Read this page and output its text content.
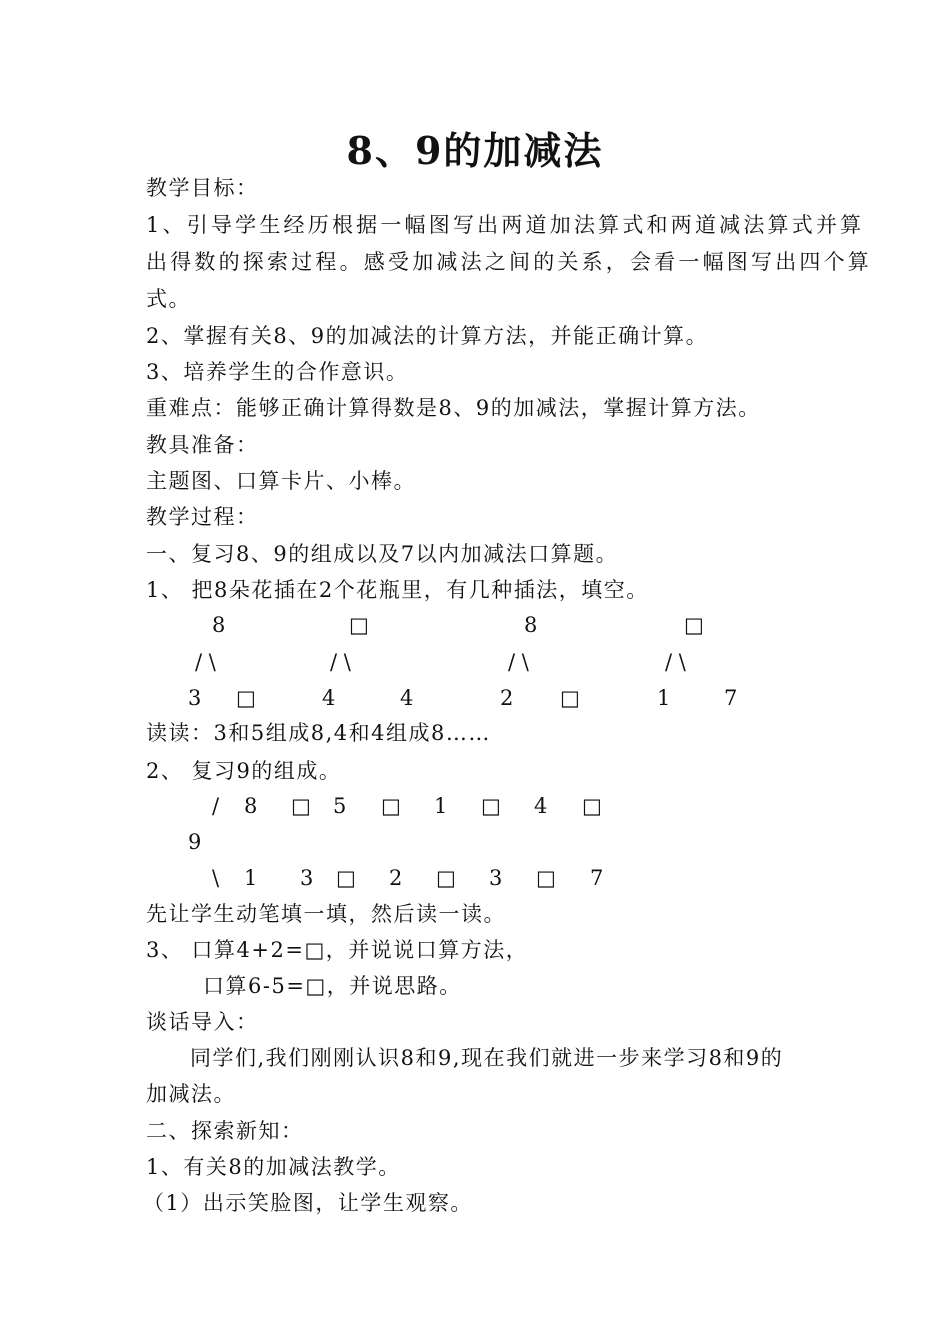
8、9的加减法
教学目标：
1、引导学生经历根据一幅图写出两道加法算式和两道减法算式并算
出得数的探索过程。感受加减法之间的关系，会看一幅图写出四个算
式。
2、掌握有关8、9的加减法的计算方法，并能正确计算。
3、培养学生的合作意识。
重难点：能够正确计算得数是8、9的加减法，掌握计算方法。
教具准备：
主题图、口算卡片、小棒。
教学过程：
一、复习8、9的组成以及7以内加减法口算题。
1、 把8朵花插在2个花瓶里，有几种插法，填空。
8	□	8	□
/ \	/ \	/ \	/ \
3 □	4	4	2 □	1	7
读读：3和5组成8,4和4组成8……
2、 复习9的组成。
/ 8 □ 5 □ 1 □ 4 □
9
\ 1 3 □ 2 □ 3 □ 7
先让学生动笔填一填，然后读一读。
3、 口算4+2=□，并说说口算方法，
口算6-5=□，并说思路。
谈话导入：
同学们,我们刚刚认识8和9,现在我们就进一步来学习8和9的
加减法。
二、探索新知：
1、有关8的加减法教学。
（1）出示笑脸图，让学生观察。
